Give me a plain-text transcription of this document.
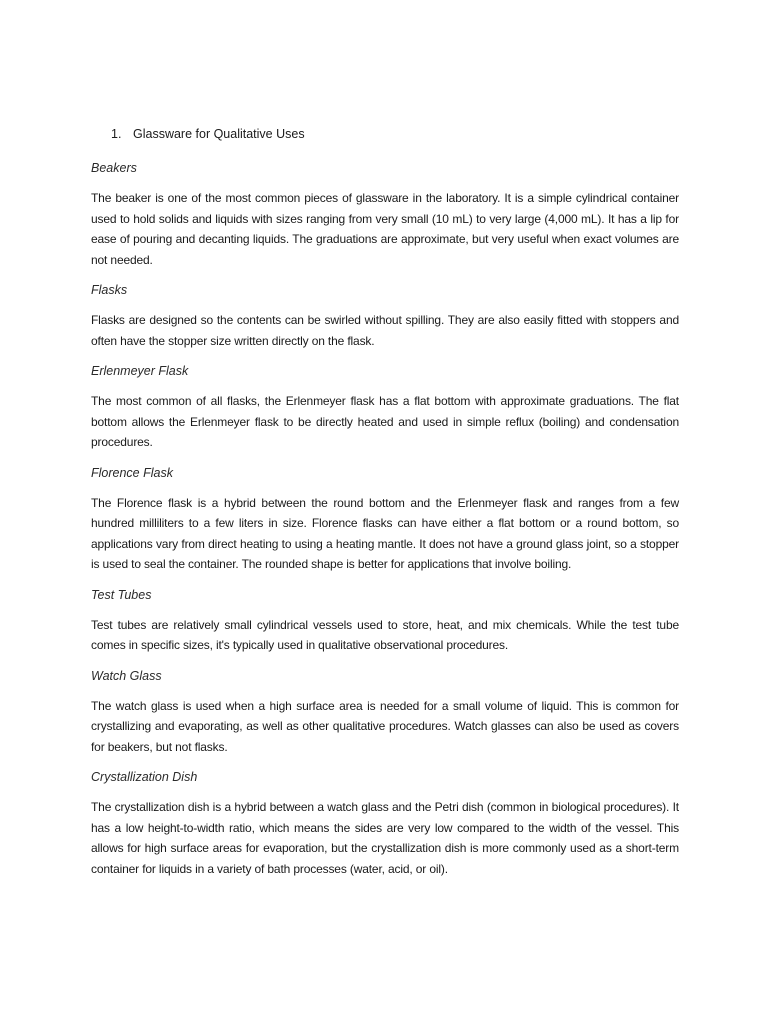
1. Glassware for Qualitative Uses

Beakers

The beaker is one of the most common pieces of glassware in the laboratory. It is a simple cylindrical container used to hold solids and liquids with sizes ranging from very small (10 mL) to very large (4,000 mL). It has a lip for ease of pouring and decanting liquids. The graduations are approximate, but very useful when exact volumes are not needed.

Flasks

Flasks are designed so the contents can be swirled without spilling. They are also easily fitted with stoppers and often have the stopper size written directly on the flask.

Erlenmeyer Flask

The most common of all flasks, the Erlenmeyer flask has a flat bottom with approximate graduations. The flat bottom allows the Erlenmeyer flask to be directly heated and used in simple reflux (boiling) and condensation procedures.

Florence Flask

The Florence flask is a hybrid between the round bottom and the Erlenmeyer flask and ranges from a few hundred milliliters to a few liters in size. Florence flasks can have either a flat bottom or a round bottom, so applications vary from direct heating to using a heating mantle. It does not have a ground glass joint, so a stopper is used to seal the container. The rounded shape is better for applications that involve boiling.

Test Tubes

Test tubes are relatively small cylindrical vessels used to store, heat, and mix chemicals. While the test tube comes in specific sizes, it's typically used in qualitative observational procedures.

Watch Glass

The watch glass is used when a high surface area is needed for a small volume of liquid. This is common for crystallizing and evaporating, as well as other qualitative procedures. Watch glasses can also be used as covers for beakers, but not flasks.

Crystallization Dish

The crystallization dish is a hybrid between a watch glass and the Petri dish (common in biological procedures). It has a low height-to-width ratio, which means the sides are very low compared to the width of the vessel. This allows for high surface areas for evaporation, but the crystallization dish is more commonly used as a short-term container for liquids in a variety of bath processes (water, acid, or oil).
